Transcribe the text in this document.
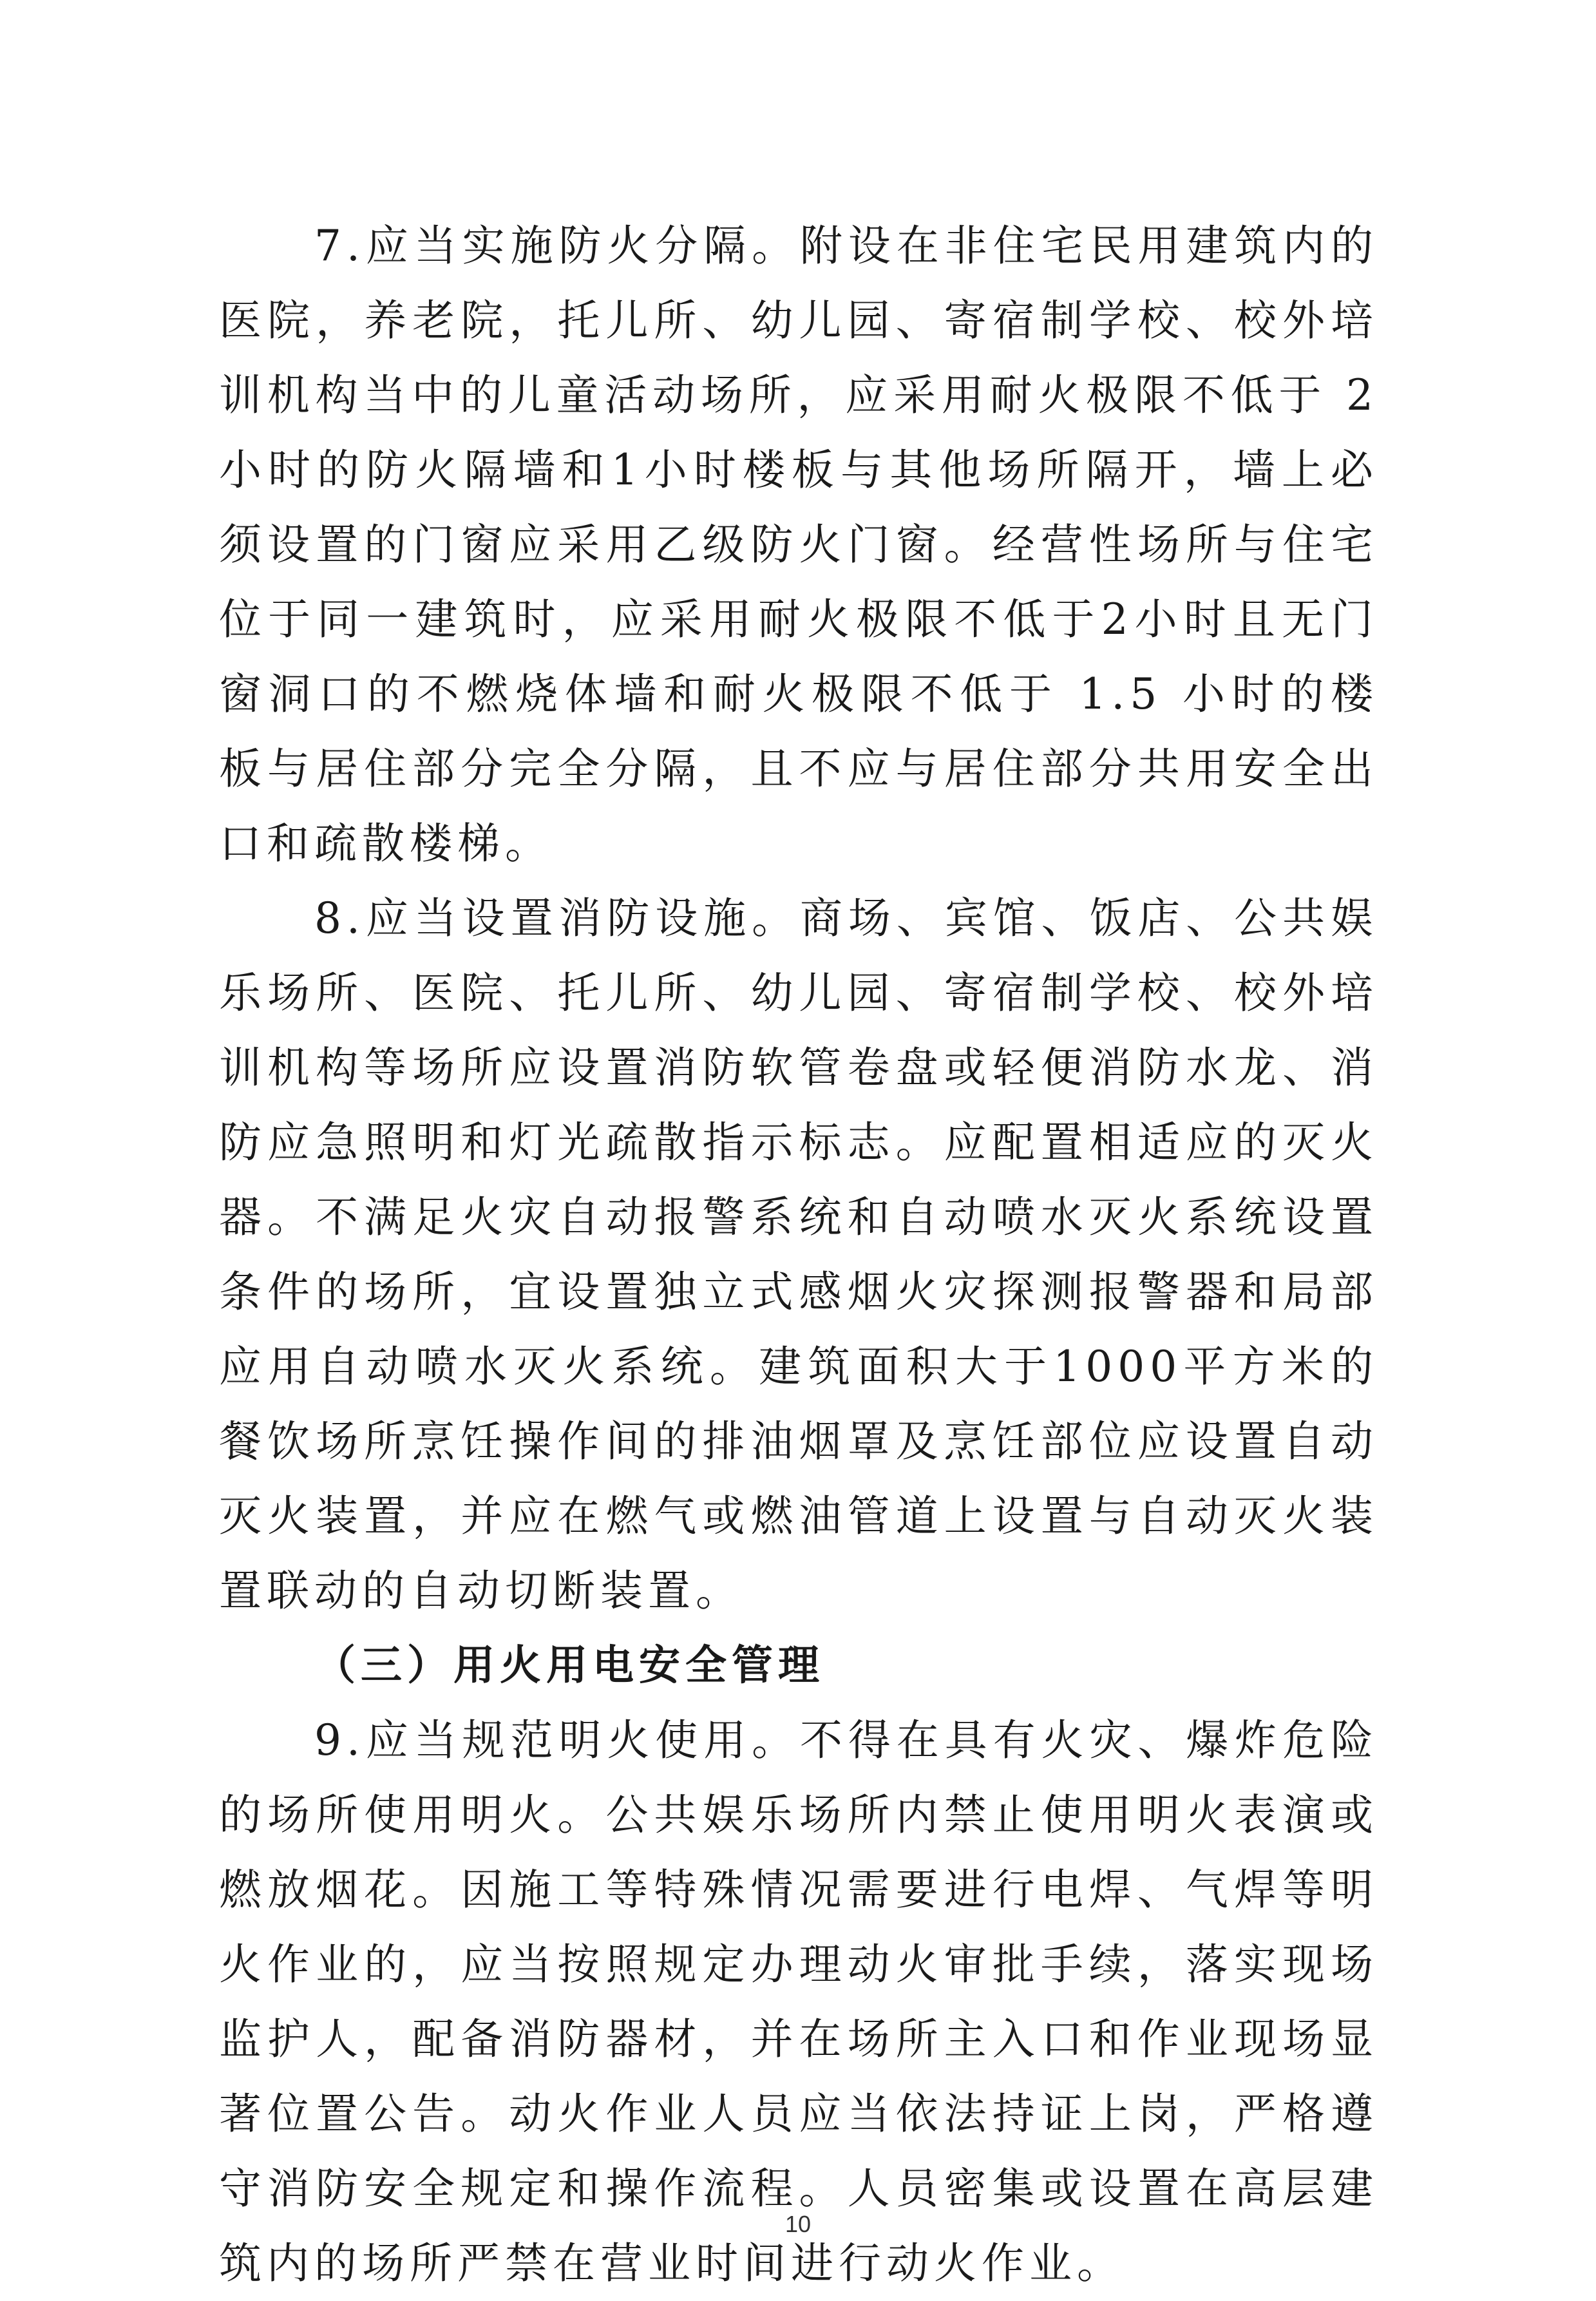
7.应当实施防火分隔。附设在非住宅民用建筑内的医院，养老院，托儿所、幼儿园、寄宿制学校、校外培训机构当中的儿童活动场所，应采用耐火极限不低于 2小时的防火隔墙和1小时楼板与其他场所隔开，墙上必须设置的门窗应采用乙级防火门窗。经营性场所与住宅位于同一建筑时，应采用耐火极限不低于2小时且无门窗洞口的不燃烧体墙和耐火极限不低于 1.5 小时的楼板与居住部分完全分隔，且不应与居住部分共用安全出口和疏散楼梯。

8.应当设置消防设施。商场、宾馆、饭店、公共娱乐场所、医院、托儿所、幼儿园、寄宿制学校、校外培训机构等场所应设置消防软管卷盘或轻便消防水龙、消防应急照明和灯光疏散指示标志。应配置相适应的灭火器。不满足火灾自动报警系统和自动喷水灭火系统设置条件的场所，宜设置独立式感烟火灾探测报警器和局部应用自动喷水灭火系统。建筑面积大于1000平方米的餐饮场所烹饪操作间的排油烟罩及烹饪部位应设置自动灭火装置，并应在燃气或燃油管道上设置与自动灭火装置联动的自动切断装置。

（三）用火用电安全管理

9.应当规范明火使用。不得在具有火灾、爆炸危险的场所使用明火。公共娱乐场所内禁止使用明火表演或燃放烟花。因施工等特殊情况需要进行电焊、气焊等明火作业的，应当按照规定办理动火审批手续，落实现场监护人，配备消防器材，并在场所主入口和作业现场显著位置公告。动火作业人员应当依法持证上岗，严格遵守消防安全规定和操作流程。人员密集或设置在高层建筑内的场所严禁在营业时间进行动火作业。

10
